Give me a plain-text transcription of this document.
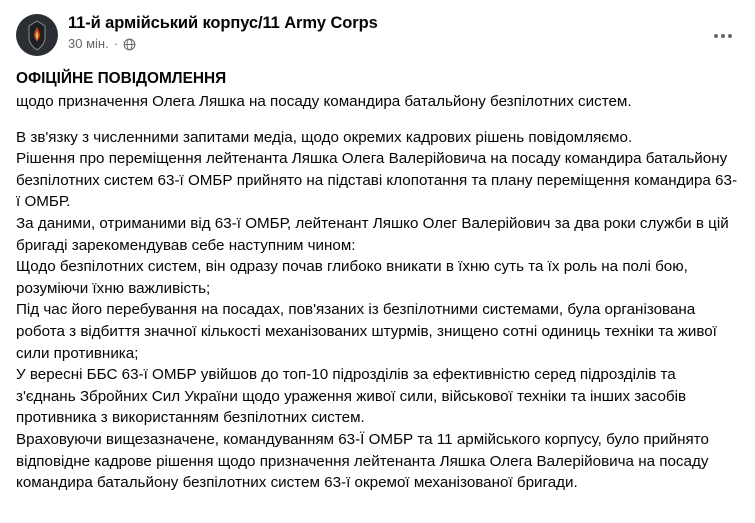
11-й армійський корпус/11 Army Corps
30 мін. ·
ОФІЦІЙНЕ ПОВІДОМЛЕННЯ

щодо призначення Олега Ляшка на посаду командира батальйону безпілотних систем.

В зв'язку з численними запитами медіа, щодо окремих кадрових рішень повідомляємо.

Рішення про переміщення лейтенанта Ляшка Олега Валерійовича на посаду командира батальйону безпілотних систем 63-ї ОМБР прийнято на підставі клопотання та плану переміщення командира 63-ї ОМБР.

За даними, отриманими від 63-ї ОМБР, лейтенант Ляшко Олег Валерійович за два роки служби в цій бригаді зарекомендував себе наступним чином:

Щодо безпілотних систем, він одразу почав глибоко вникати в їхню суть та їх роль на полі бою, розуміючи їхню важливість;

Під час його перебування на посадах, пов'язаних із безпілотними системами, була організована робота з відбиття значної кількості механізованих штурмів, знищено сотні одиниць техніки та живої сили противника;

У вересні ББС 63-ї ОМБР увійшов до топ-10 підрозділів за ефективністю серед підрозділів та з'єднань Збройних Сил України щодо ураження живої сили, військової техніки та інших засобів противника з використанням безпілотних систем.

Враховуючи вищезазначене, командуванням 63-Ї ОМБР та 11 армійського корпусу, було прийнято відповідне кадрове рішення щодо призначення лейтенанта Ляшка Олега Валерійовича на посаду командира батальйону безпілотних систем 63-ї окремої механізованої бригади.
